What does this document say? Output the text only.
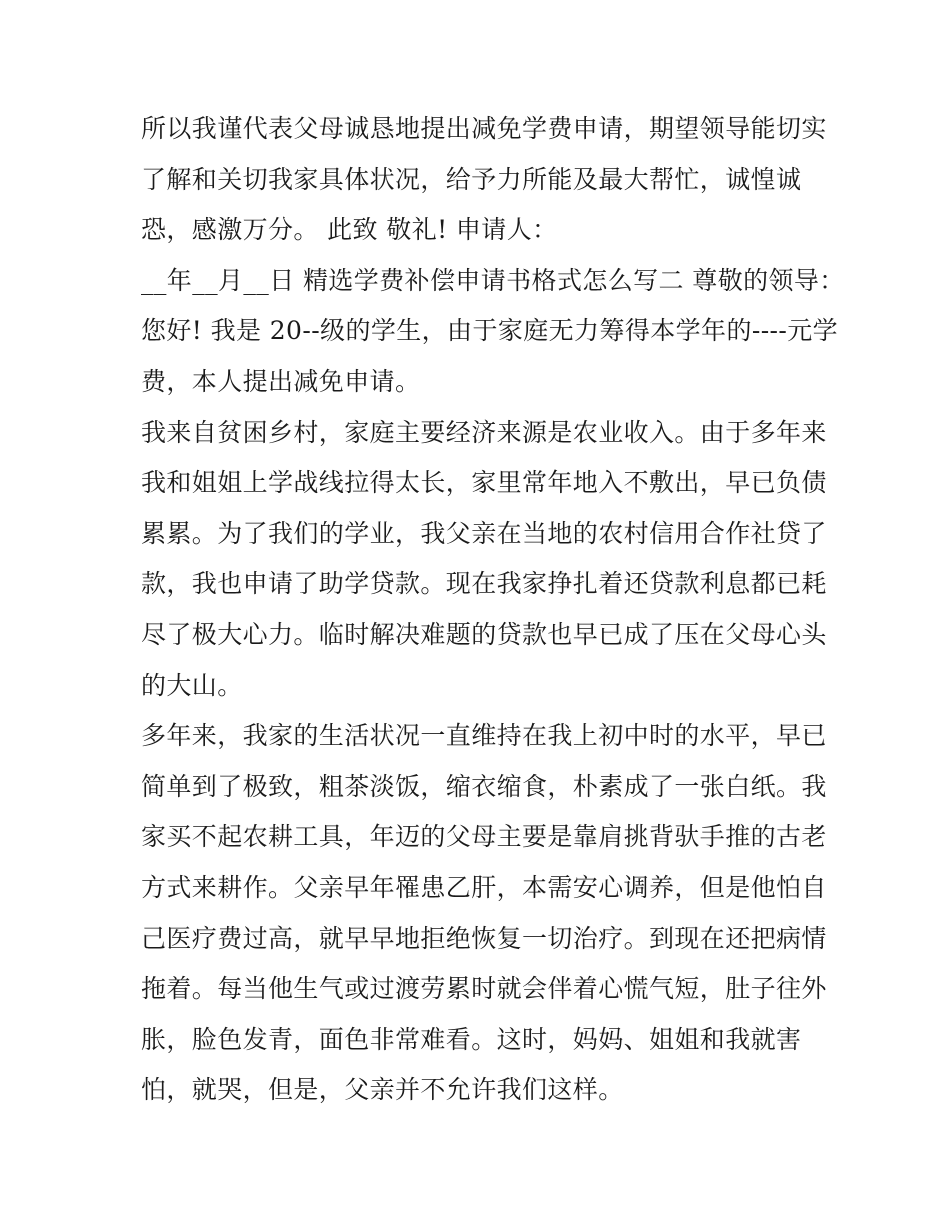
所以我谨代表父母诚恳地提出减免学费申请，期望领导能切实
了解和关切我家具体状况，给予力所能及最大帮忙，诚惶诚
恐，感激万分。 此致 敬礼! 申请人：
__年__月__日 精选学费补偿申请书格式怎么写二 尊敬的领导：
您好! 我是 20--级的学生，由于家庭无力筹得本学年的----元学
费，本人提出减免申请。
我来自贫困乡村，家庭主要经济来源是农业收入。由于多年来
我和姐姐上学战线拉得太长，家里常年地入不敷出，早已负债
累累。为了我们的学业，我父亲在当地的农村信用合作社贷了
款，我也申请了助学贷款。现在我家挣扎着还贷款利息都已耗
尽了极大心力。临时解决难题的贷款也早已成了压在父母心头
的大山。
多年来，我家的生活状况一直维持在我上初中时的水平，早已
简单到了极致，粗茶淡饭，缩衣缩食，朴素成了一张白纸。我
家买不起农耕工具，年迈的父母主要是靠肩挑背驮手推的古老
方式来耕作。父亲早年罹患乙肝，本需安心调养，但是他怕自
己医疗费过高，就早早地拒绝恢复一切治疗。到现在还把病情
拖着。每当他生气或过渡劳累时就会伴着心慌气短，肚子往外
胀，脸色发青，面色非常难看。这时，妈妈、姐姐和我就害
怕，就哭，但是，父亲并不允许我们这样。
